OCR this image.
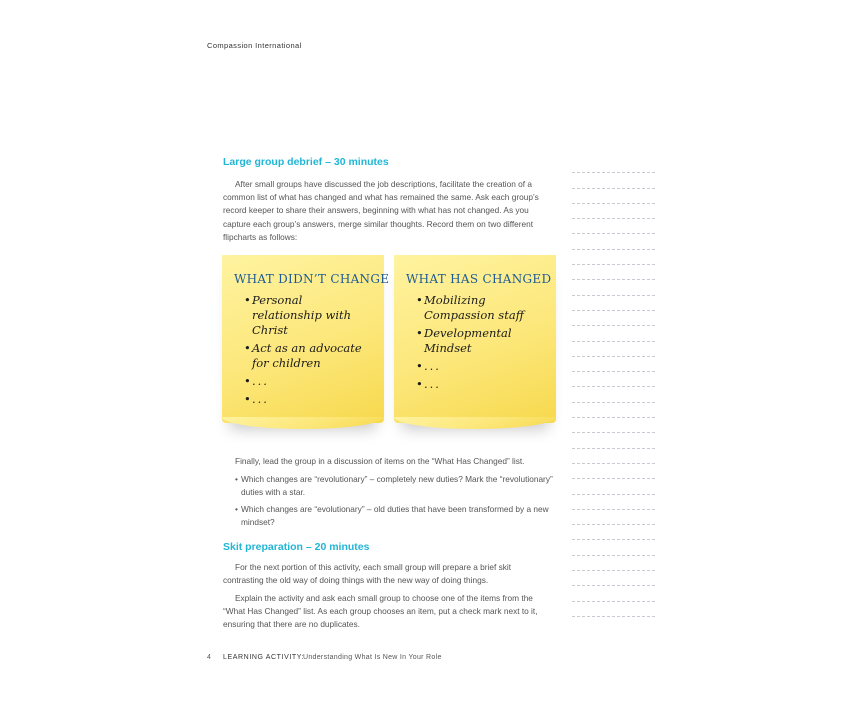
Compassion International
Large group debrief – 30 minutes

After small groups have discussed the job descriptions, facilitate the creation of a common list of what has changed and what has remained the same. Ask each group’s record keeper to share their answers, beginning with what has not changed. As you capture each group’s answers, merge similar thoughts. Record them on two different flipcharts as follows:

WHAT DIDN’T CHANGE
• Personal relationship with Christ
• Act as an advocate for children
• ...
• ...
WHAT HAS CHANGED
• Mobilizing Compassion staff
• Developmental Mindset
• ...
• ...

Finally, lead the group in a discussion of items on the “What Has Changed” list.

• Which changes are “revolutionary” – completely new duties? Mark the “revolutionary” duties with a star.
• Which changes are “evolutionary” – old duties that have been transformed by a new mindset?
Skit preparation – 20 minutes

For the next portion of this activity, each small group will prepare a brief skit contrasting the old way of doing things with the new way of doing things.

Explain the activity and ask each small group to choose one of the items from the “What Has Changed” list. As each group chooses an item, put a check mark next to it, ensuring that there are no duplicates.

4 LEARNING ACTIVITY:
Understanding What Is New In Your Role
